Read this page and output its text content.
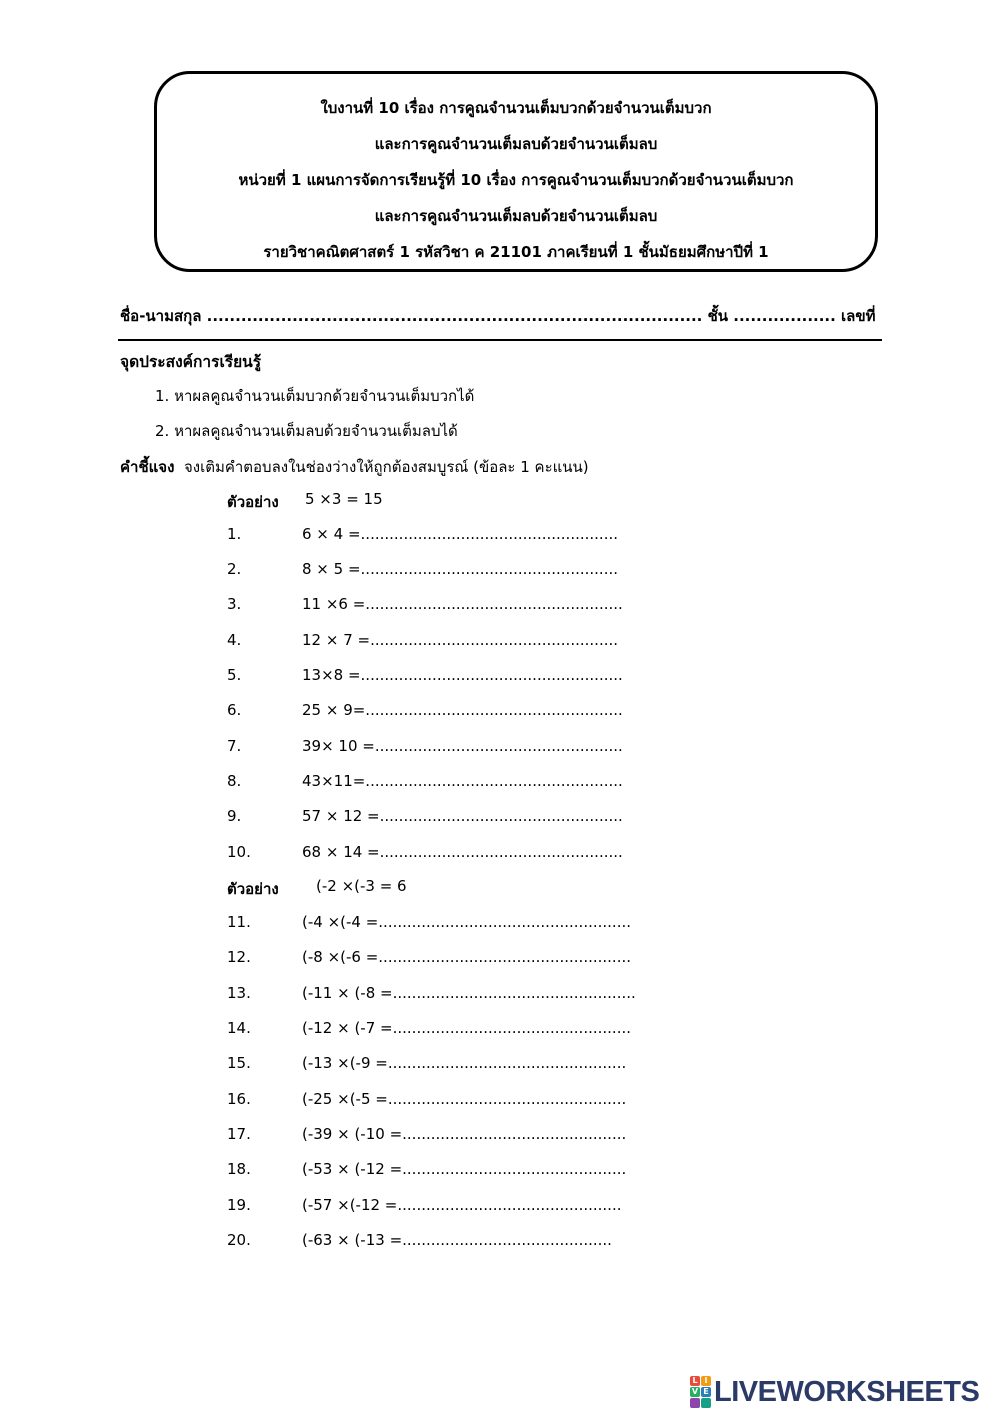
ใบงานที่ 10 เรื่อง การคูณจำนวนเต็มบวกด้วยจำนวนเต็มบวก
และการคูณจำนวนเต็มลบด้วยจำนวนเต็มลบ
หน่วยที่ 1 แผนการจัดการเรียนรู้ที่ 10 เรื่อง การคูณจำนวนเต็มบวกด้วยจำนวนเต็มบวก
และการคูณจำนวนเต็มลบด้วยจำนวนเต็มลบ
รายวิชาคณิตศาสตร์ 1 รหัสวิชา ค 21101 ภาคเรียนที่ 1 ชั้นมัธยมศึกษาปีที่ 1
ชื่อ-นามสกุล ....................................................................................... ชั้น .................. เลขที่
จุดประสงค์การเรียนรู้
1. หาผลคูณจำนวนเต็มบวกด้วยจำนวนเต็มบวกได้
2. หาผลคูณจำนวนเต็มลบด้วยจำนวนเต็มลบได้
คำชี้แจง จงเติมคำตอบลงในช่องว่างให้ถูกต้องสมบูรณ์ (ข้อละ 1 คะแนน)
ตัวอย่าง 5 ×3 = 15
1.	6 × 4 =......................................................
2.	8 × 5 =......................................................
3.	11 ×6 =......................................................
4.	12 × 7 =....................................................
5.	13×8 =.......................................................
6.	25 × 9=......................................................
7.	39× 10 =....................................................
8.	43×11=......................................................
9.	57 × 12 =...................................................
10.	68 × 14 =...................................................
ตัวอย่าง (-2 ×(-3 = 6
11.	(-4 ×(-4 =.....................................................
12.	(-8 ×(-6 =.....................................................
13.	(-11 × (-8 =...................................................
14.	(-12 × (-7 =..................................................
15.	(-13 ×(-9 =..................................................
16.	(-25 ×(-5 =..................................................
17.	(-39 × (-10 =...............................................
18.	(-53 × (-12 =...............................................
19.	(-57 ×(-12 =...............................................
20.	(-63 × (-13 =............................................
L I
V E LIVEWORKSHEETS
